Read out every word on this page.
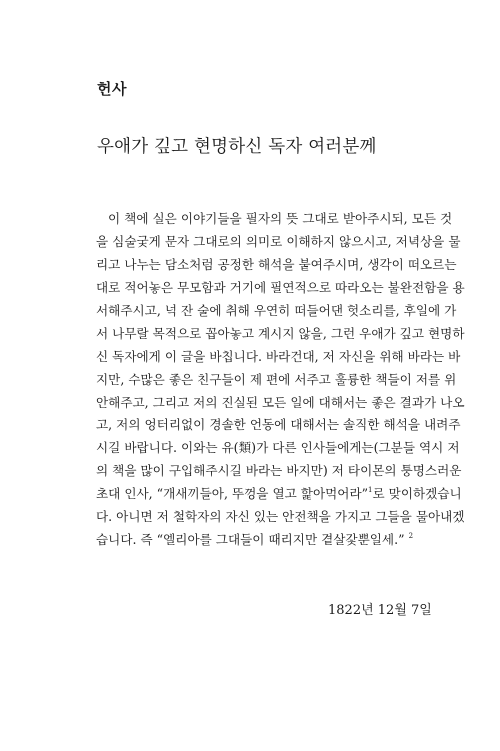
헌사
우애가 깊고 현명하신 독자 여러분께
이 책에 실은 이야기들을 필자의 뜻 그대로 받아주시되, 모든 것
을 심술궂게 문자 그대로의 의미로 이해하지 않으시고, 저녁상을 물
리고 나누는 담소처럼 공정한 해석을 붙여주시며, 생각이 떠오르는
대로 적어놓은 무모함과 거기에 필연적으로 따라오는 불완전함을 용
서해주시고, 넉 잔 술에 취해 우연히 떠들어댄 헛소리를, 후일에 가
서 나무랄 목적으로 꼽아놓고 계시지 않을, 그런 우애가 깊고 현명하
신 독자에게 이 글을 바칩니다. 바라건대, 저 자신을 위해 바라는 바
지만, 수많은 좋은 친구들이 제 편에 서주고 훌륭한 책들이 저를 위
안해주고, 그리고 저의 진실된 모든 일에 대해서는 좋은 결과가 나오
고, 저의 엉터리없이 경솔한 언동에 대해서는 솔직한 해석을 내려주
시길 바랍니다. 이와는 유(類)가 다른 인사들에게는(그분들 역시 저
의 책을 많이 구입해주시길 바라는 바지만) 저 타이몬의 퉁명스러운
초대 인사, “개새끼들아, 뚜껑을 열고 핥아먹어라”$^1$로 맞이하겠습니
다. 아니면 저 철학자의 자신 있는 안전책을 가지고 그들을 물아내겠
습니다. 즉 “엘리아를 그대들이 때리지만 곁살갗뿐일세.” $^2$
1822년 12월 7일
